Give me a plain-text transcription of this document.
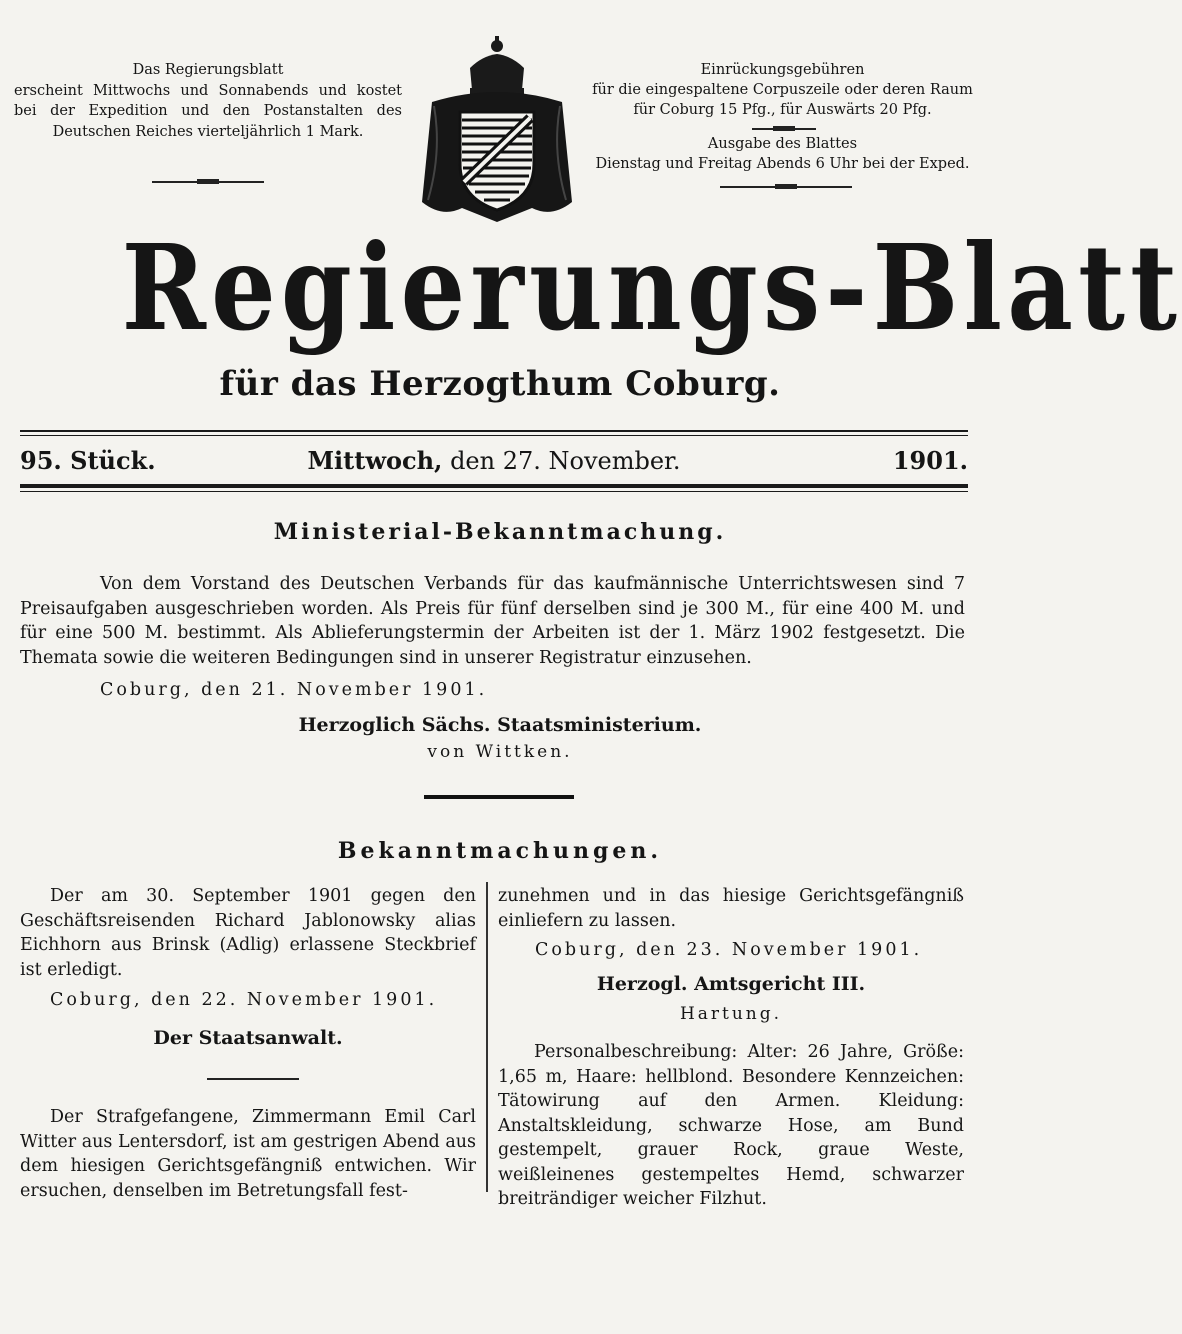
Das Regierungsblatt
erscheint Mittwochs und Sonnabends und kostet
bei der Expedition und den Postanstalten des
Deutschen Reiches vierteljährlich 1 Mark.
Einrückungsgebühren
für die eingespaltene Corpuszeile oder deren Raum
für Coburg 15 Pfg., für Auswärts 20 Pfg.
Ausgabe des Blattes
Dienstag und Freitag Abends 6 Uhr bei der Exped.
Regierungs-Blatt
für das Herzogthum Coburg.
95. Stück.	Mittwoch, den 27. November.	1901.
Ministerial-Bekanntmachung.
Von dem Vorstand des Deutschen Verbands für das kaufmännische Unterrichtswesen sind 7 Preisaufgaben ausgeschrieben worden. Als Preis für fünf derselben sind je 300 M., für eine 400 M. und für eine 500 M. bestimmt. Als Ablieferungstermin der Arbeiten ist der 1. März 1902 festgesetzt. Die Themata sowie die weiteren Bedingungen sind in unserer Registratur einzusehen.
Coburg, den 21. November 1901.
Herzoglich Sächs. Staatsministerium.
von Wittken.
Bekanntmachungen.
Der am 30. September 1901 gegen den Geschäftsreisenden Richard Jablonowsky alias Eichhorn aus Brinsk (Adlig) erlassene Steckbrief ist erledigt.
Coburg, den 22. November 1901.
Der Staatsanwalt.
Der Strafgefangene, Zimmermann Emil Carl Witter aus Lentersdorf, ist am gestrigen Abend aus dem hiesigen Gerichtsgefängniß entwichen. Wir ersuchen, denselben im Betretungsfall fest-
zunehmen und in das hiesige Gerichtsgefängniß einliefern zu lassen.
Coburg, den 23. November 1901.
Herzogl. Amtsgericht III.
Hartung.
Personalbeschreibung: Alter: 26 Jahre, Größe: 1,65 m, Haare: hellblond. Besondere Kennzeichen: Tätowirung auf den Armen. Kleidung: Anstaltskleidung, schwarze Hose, am Bund gestempelt, grauer Rock, graue Weste, weißleinenes gestempeltes Hemd, schwarzer breiträndiger weicher Filzhut.
